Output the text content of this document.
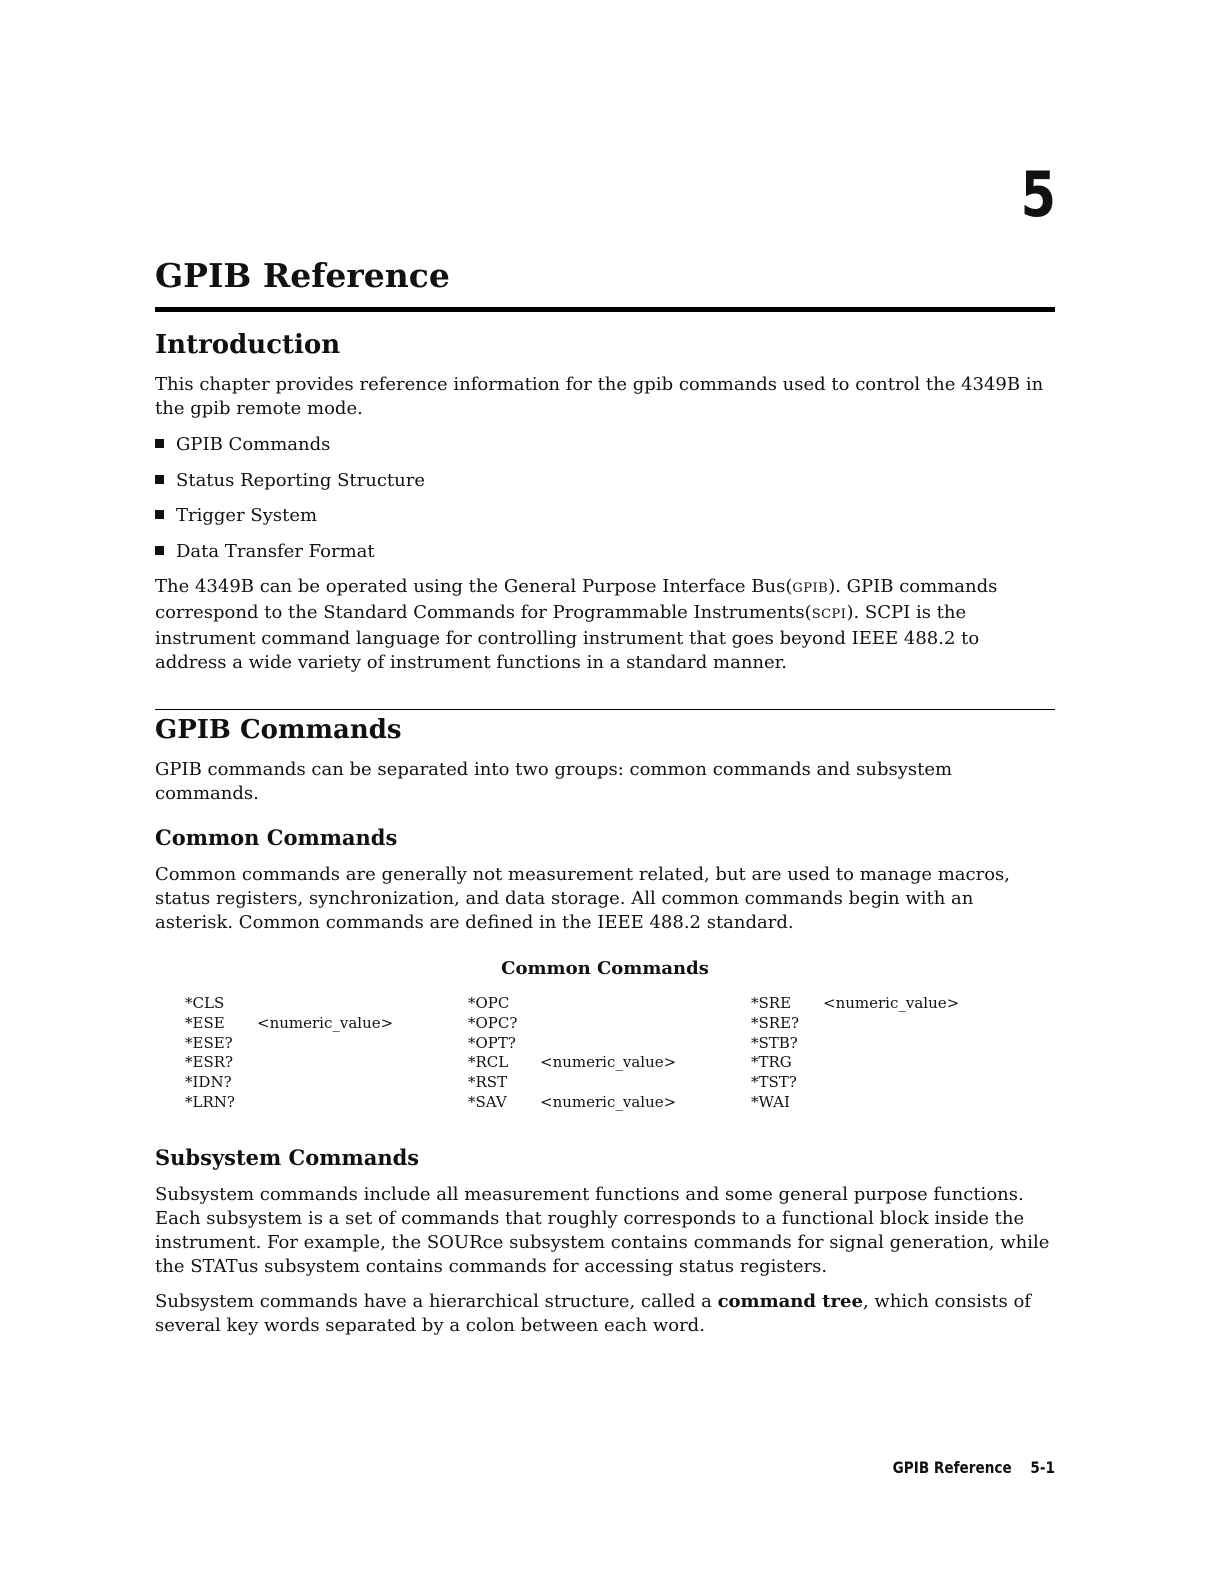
5
GPIB Reference
Introduction

This chapter provides reference information for the gpib commands used to control the 4349B in the gpib remote mode.

GPIB Commands
Status Reporting Structure
Trigger System
Data Transfer Format

The 4349B can be operated using the General Purpose Interface Bus(GPIB). GPIB commands correspond to the Standard Commands for Programmable Instruments(SCPI). SCPI is the instrument command language for controlling instrument that goes beyond IEEE 488.2 to address a wide variety of instrument functions in a standard manner.

GPIB Commands

GPIB commands can be separated into two groups: common commands and subsystem commands.

Common Commands

Common commands are generally not measurement related, but are used to manage macros, status registers, synchronization, and data storage. All common commands begin with an asterisk. Common commands are defined in the IEEE 488.2 standard.

Common Commands
*CLS
*ESE <numeric_value>
*ESE?
*ESR?
*IDN?
*LRN?
*OPC
*OPC?
*OPT?
*RCL <numeric_value>
*RST
*SAV <numeric_value>
*SRE <numeric_value>
*SRE?
*STB?
*TRG
*TST?
*WAI
Subsystem Commands

Subsystem commands include all measurement functions and some general purpose functions. Each subsystem is a set of commands that roughly corresponds to a functional block inside the instrument. For example, the SOURce subsystem contains commands for signal generation, while the STATus subsystem contains commands for accessing status registers.

Subsystem commands have a hierarchical structure, called a command tree, which consists of several key words separated by a colon between each word.

GPIB Reference 5-1
